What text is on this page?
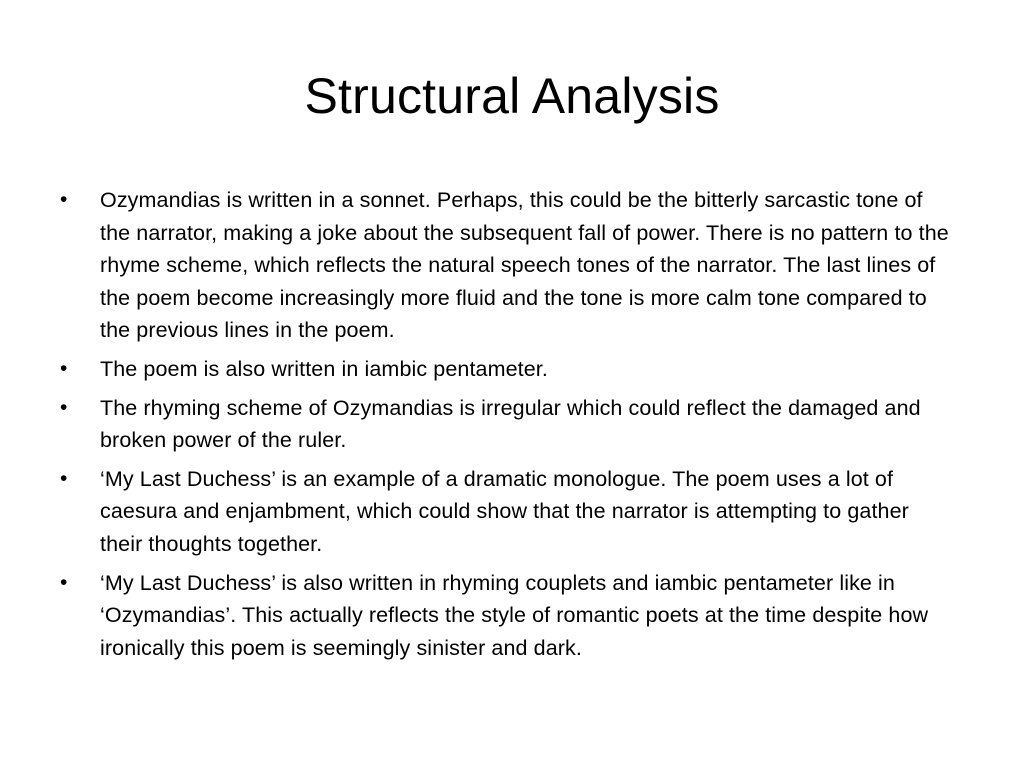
Structural Analysis
• Ozymandias is written in a sonnet. Perhaps, this could be the bitterly sarcastic tone of the narrator, making a joke about the subsequent fall of power. There is no pattern to the rhyme scheme, which reflects the natural speech tones of the narrator. The last lines of the poem become increasingly more fluid and the tone is more calm tone compared to the previous lines in the poem.
• The poem is also written in iambic pentameter.
• The rhyming scheme of Ozymandias is irregular which could reflect the damaged and broken power of the ruler.
• ‘My Last Duchess’ is an example of a dramatic monologue. The poem uses a lot of caesura and enjambment, which could show that the narrator is attempting to gather their thoughts together.
• ‘My Last Duchess’ is also written in rhyming couplets and iambic pentameter like in ‘Ozymandias’. This actually reflects the style of romantic poets at the time despite how ironically this poem is seemingly sinister and dark.
